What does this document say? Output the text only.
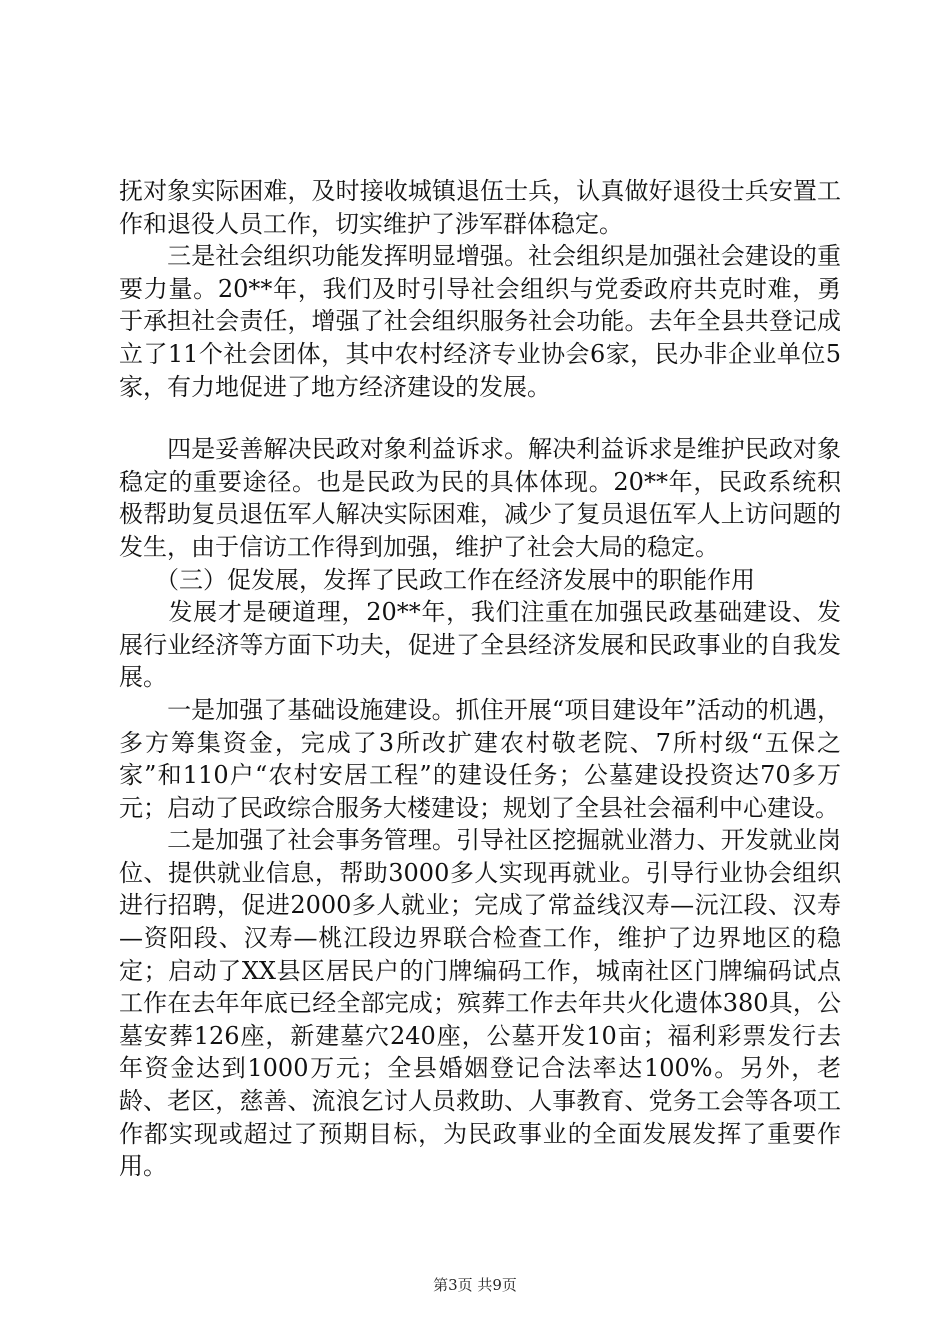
抚对象实际困难，及时接收城镇退伍士兵，认真做好退役士兵安置工作和退役人员工作，切实维护了涉军群体稳定。

　　三是社会组织功能发挥明显增强。社会组织是加强社会建设的重要力量。20**年，我们及时引导社会组织与党委政府共克时难，勇于承担社会责任，增强了社会组织服务社会功能。去年全县共登记成立了11个社会团体，其中农村经济专业协会6家，民办非企业单位5家，有力地促进了地方经济建设的发展。

　　四是妥善解决民政对象利益诉求。解决利益诉求是维护民政对象稳定的重要途径。也是民政为民的具体体现。20**年，民政系统积极帮助复员退伍军人解决实际困难，减少了复员退伍军人上访问题的发生，由于信访工作得到加强，维护了社会大局的稳定。

　　（三）促发展，发挥了民政工作在经济发展中的职能作用

　　发展才是硬道理，20**年，我们注重在加强民政基础建设、发展行业经济等方面下功夫，促进了全县经济发展和民政事业的自我发展。

　　一是加强了基础设施建设。抓住开展“项目建设年”活动的机遇，多方筹集资金，完成了3所改扩建农村敬老院、7所村级“五保之家”和110户“农村安居工程”的建设任务；公墓建设投资达70多万元；启动了民政综合服务大楼建设；规划了全县社会福利中心建设。

　　二是加强了社会事务管理。引导社区挖掘就业潜力、开发就业岗位、提供就业信息，帮助3000多人实现再就业。引导行业协会组织进行招聘，促进2000多人就业；完成了常益线汉寿—沅江段、汉寿—资阳段、汉寿—桃江段边界联合检查工作，维护了边界地区的稳定；启动了XX县区居民户的门牌编码工作，城南社区门牌编码试点工作在去年年底已经全部完成；殡葬工作去年共火化遗体380具，公墓安葬126座，新建墓穴240座，公墓开发10亩；福利彩票发行去年资金达到1000万元；全县婚姻登记合法率达100%。另外，老龄、老区，慈善、流浪乞讨人员救助、人事教育、党务工会等各项工作都实现或超过了预期目标，为民政事业的全面发展发挥了重要作用。

第3页 共9页
